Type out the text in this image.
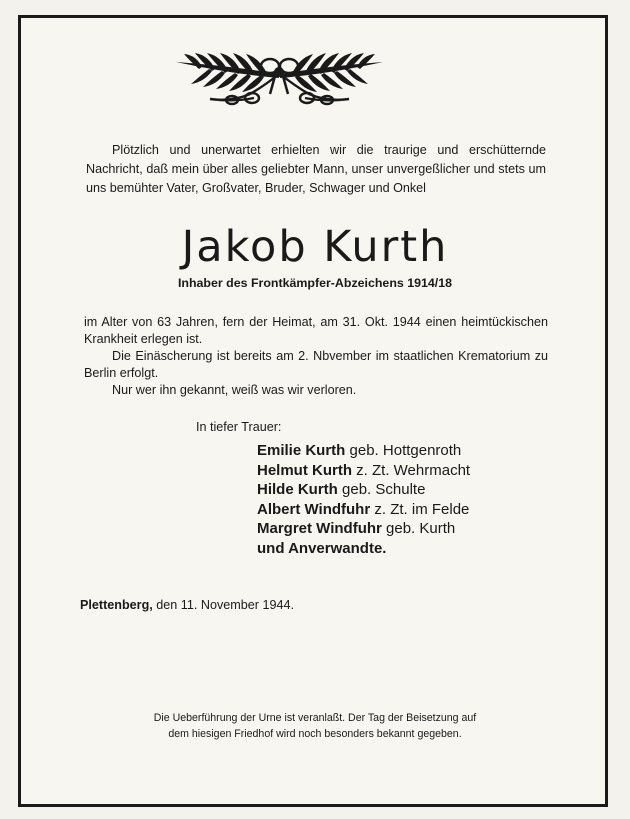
Plötzlich und unerwartet erhielten wir die traurige und erschütternde Nachricht, daß mein über alles geliebter Mann, unser unvergeßlicher und stets um uns bemühter Vater, Großvater, Bruder, Schwager und Onkel

Jakob Kurth

Inhaber des Frontkämpfer-Abzeichens 1914/18

im Alter von 63 Jahren, fern der Heimat, am 31. Okt. 1944 einen heimtückischen Krankheit erlegen ist.

Die Einäscherung ist bereits am 2. Nbvember im staatlichen Krematorium zu Berlin erfolgt.

Nur wer ihn gekannt, weiß was wir verloren.

In tiefer Trauer:

Emilie Kurth geb. Hottgenroth
Helmut Kurth z. Zt. Wehrmacht
Hilde Kurth geb. Schulte
Albert Windfuhr z. Zt. im Felde
Margret Windfuhr geb. Kurth
und Anverwandte.

Plettenberg, den 11. November 1944.

Die Ueberführung der Urne ist veranlaßt. Der Tag der Beisetzung auf
dem hiesigen Friedhof wird noch besonders bekannt gegeben.
